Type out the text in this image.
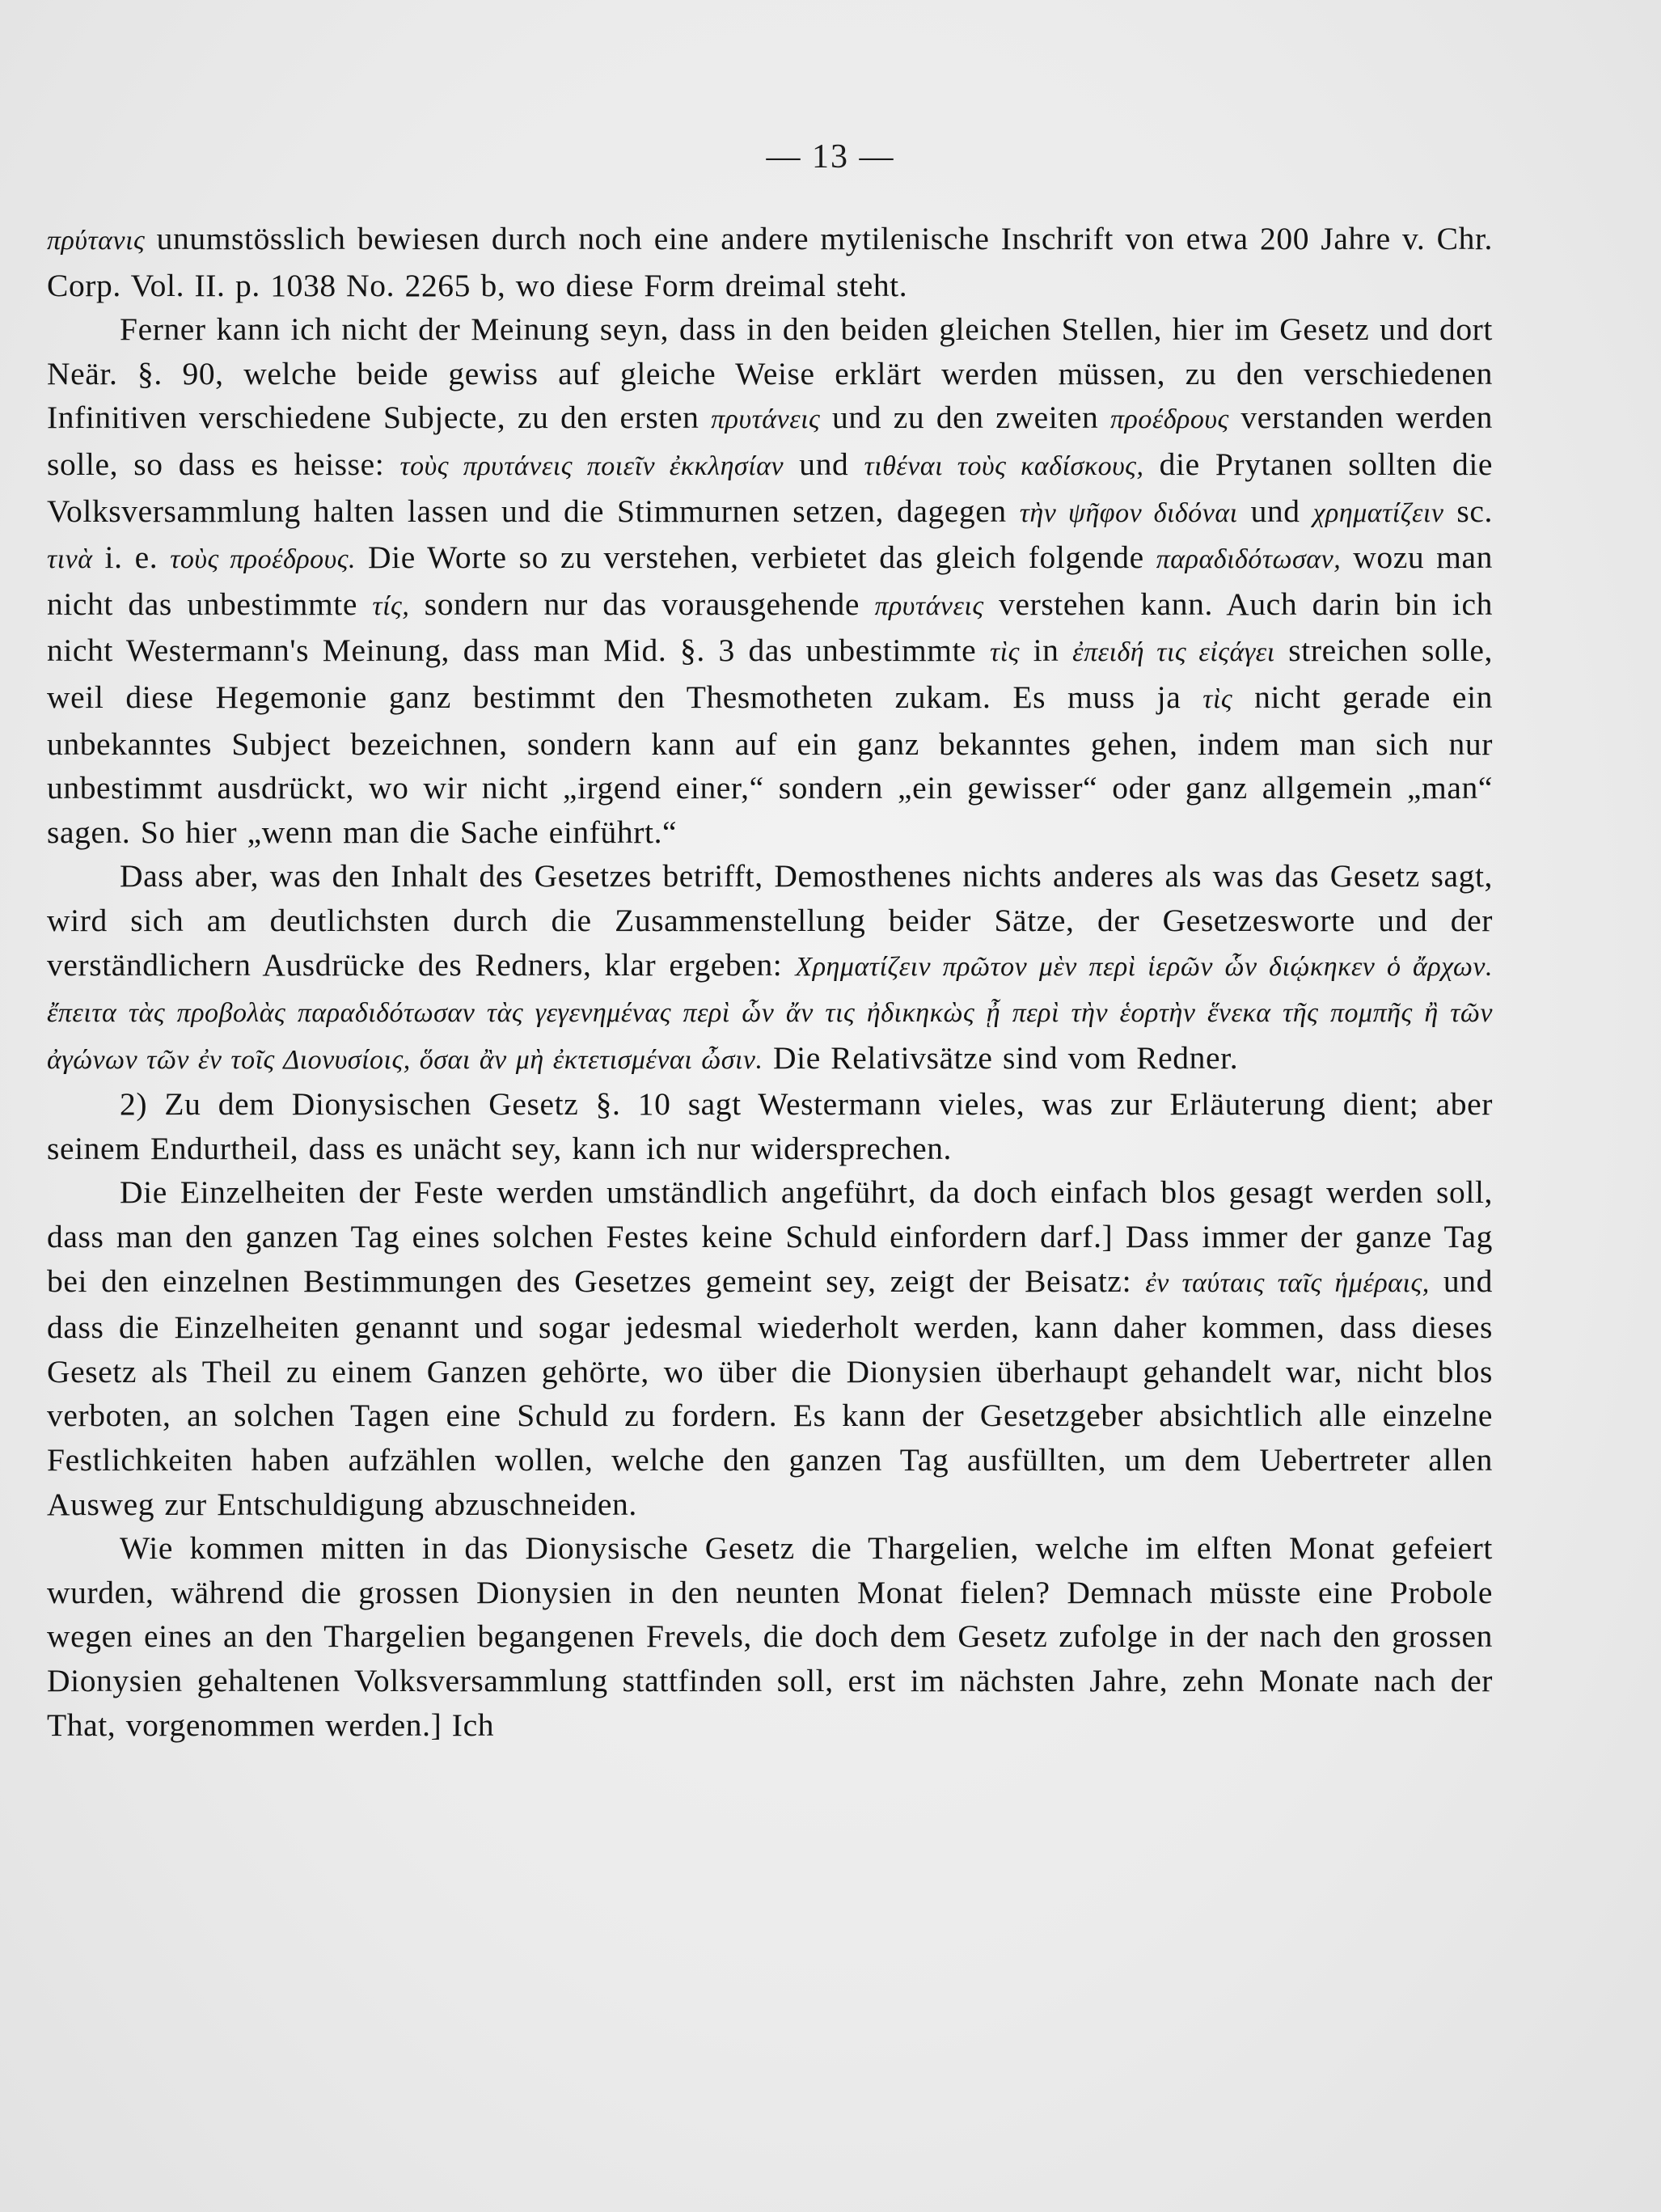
— 13 —

πρύτανις unumstösslich bewiesen durch noch eine andere mytilenische Inschrift von etwa 200 Jahre v. Chr. Corp. Vol. II. p. 1038 No. 2265 b, wo diese Form dreimal steht.

Ferner kann ich nicht der Meinung seyn, dass in den beiden gleichen Stellen, hier im Gesetz und dort Neär. §. 90, welche beide gewiss auf gleiche Weise erklärt werden müssen, zu den verschiedenen Infinitiven verschiedene Subjecte, zu den ersten πρυτάνεις und zu den zweiten προέδρους verstanden werden solle, so dass es heisse: τοὺς πρυτάνεις ποιεῖν ἐκκλησίαν und τιθέναι τοὺς καδίσκους, die Prytanen sollten die Volksversammlung halten lassen und die Stimmurnen setzen, dagegen τὴν ψῆφον διδόναι und χρηματίζειν sc. τινὰ i. e. τοὺς προέδρους. Die Worte so zu verstehen, verbietet das gleich folgende παραδιδότωσαν, wozu man nicht das unbestimmte τίς, sondern nur das vorausgehende πρυτάνεις verstehen kann. Auch darin bin ich nicht Westermann's Meinung, dass man Mid. §. 3 das unbestimmte τὶς in ἐπειδή τις εἰςάγει streichen solle, weil diese Hegemonie ganz bestimmt den Thesmotheten zukam. Es muss ja τὶς nicht gerade ein unbekanntes Subject bezeichnen, sondern kann auf ein ganz bekanntes gehen, indem man sich nur unbestimmt ausdrückt, wo wir nicht „irgend einer,“ sondern „ein gewisser“ oder ganz allgemein „man“ sagen. So hier „wenn man die Sache einführt.“

Dass aber, was den Inhalt des Gesetzes betrifft, Demosthenes nichts anderes als was das Gesetz sagt, wird sich am deutlichsten durch die Zusammenstellung beider Sätze, der Gesetzesworte und der verständlichern Ausdrücke des Redners, klar ergeben: Χρηματίζειν πρῶτον μὲν περὶ ἱερῶν ὧν διῴκηκεν ὁ ἄρχων. ἔπειτα τὰς προβολὰς παραδιδότωσαν τὰς γεγενημένας περὶ ὧν ἄν τις ἠδικηκὼς ᾖ περὶ τὴν ἑορτὴν ἕνεκα τῆς πομπῆς ἢ τῶν ἀγώνων τῶν ἐν τοῖς Διονυσίοις, ὅσαι ἂν μὴ ἐκτετισμέναι ὦσιν. Die Relativsätze sind vom Redner.

2) Zu dem Dionysischen Gesetz §. 10 sagt Westermann vieles, was zur Erläuterung dient; aber seinem Endurtheil, dass es unächt sey, kann ich nur widersprechen.

Die Einzelheiten der Feste werden umständlich angeführt, da doch einfach blos gesagt werden soll, dass man den ganzen Tag eines solchen Festes keine Schuld einfordern darf.] Dass immer der ganze Tag bei den einzelnen Bestimmungen des Gesetzes gemeint sey, zeigt der Beisatz: ἐν ταύταις ταῖς ἡμέραις, und dass die Einzelheiten genannt und sogar jedesmal wiederholt werden, kann daher kommen, dass dieses Gesetz als Theil zu einem Ganzen gehörte, wo über die Dionysien überhaupt gehandelt war, nicht blos verboten, an solchen Tagen eine Schuld zu fordern. Es kann der Gesetzgeber absichtlich alle einzelne Festlichkeiten haben aufzählen wollen, welche den ganzen Tag ausfüllten, um dem Uebertreter allen Ausweg zur Entschuldigung abzuschneiden.

Wie kommen mitten in das Dionysische Gesetz die Thargelien, welche im elften Monat gefeiert wurden, während die grossen Dionysien in den neunten Monat fielen? Demnach müsste eine Probole wegen eines an den Thargelien begangenen Frevels, die doch dem Gesetz zufolge in der nach den grossen Dionysien gehaltenen Volksversammlung stattfinden soll, erst im nächsten Jahre, zehn Monate nach der That, vorgenommen werden.] Ich
